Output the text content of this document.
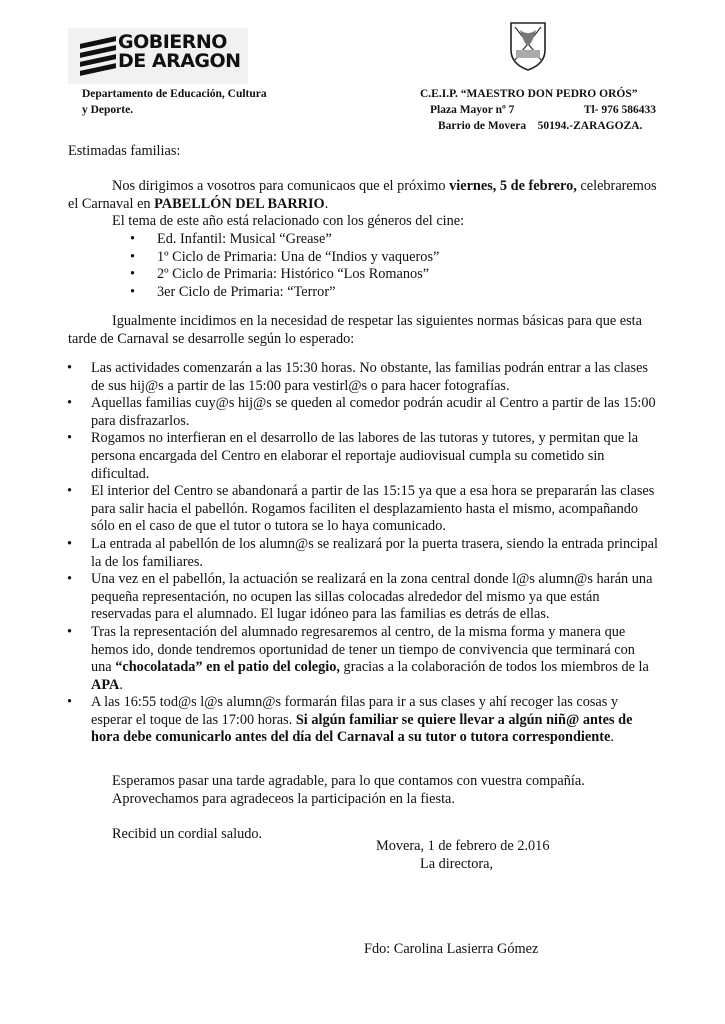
GOBIERNO
DE ARAGON
Departamento de Educación, Cultura
y Deporte.
C.E.I.P. “MAESTRO DON PEDRO ORÓS”
Plaza Mayor nº 7	Tl- 976 586433
Barrio de Movera    50194.-ZARAGOZA.
Estimadas familias:

Nos dirigimos a vosotros para comunicaos que el próximo viernes, 5 de febrero, celebraremos el Carnaval en PABELLÓN DEL BARRIO.

El tema de este año está relacionado con los géneros del cine:

• Ed. Infantil: Musical “Grease”
• 1º Ciclo de Primaria: Una de “Indios y vaqueros”
• 2º Ciclo de Primaria: Histórico “Los Romanos”
• 3er Ciclo de Primaria: “Terror”

Igualmente incidimos en la necesidad de respetar las siguientes normas básicas para que esta tarde de Carnaval se desarrolle según lo esperado:

• Las actividades comenzarán a las 15:30 horas. No obstante, las familias podrán entrar a las clases de sus hij@s a partir de las 15:00 para vestirl@s o para hacer fotografías.
• Aquellas familias cuy@s hij@s se queden al comedor podrán acudir al Centro a partir de las 15:00 para disfrazarlos.
• Rogamos no interfieran en el desarrollo de las labores de las tutoras y tutores, y permitan que la persona encargada del Centro en elaborar el reportaje audiovisual cumpla su cometido sin dificultad.
• El interior del Centro se abandonará a partir de las 15:15 ya que a esa hora se prepararán las clases para salir hacia el pabellón. Rogamos faciliten el desplazamiento hasta el mismo, acompañando sólo en el caso de que el tutor o tutora se lo haya comunicado.
• La entrada al pabellón de los alumn@s se realizará por la puerta trasera, siendo la entrada principal la de los familiares.
• Una vez en el pabellón, la actuación se realizará en la zona central donde l@s alumn@s harán una pequeña representación, no ocupen las sillas colocadas alrededor del mismo ya que están reservadas para el alumnado. El lugar idóneo para las familias es detrás de ellas.
• Tras la representación del alumnado regresaremos al centro, de la misma forma y manera que hemos ido, donde tendremos oportunidad de tener un tiempo de convivencia que terminará con una “chocolatada” en el patio del colegio, gracias a la colaboración de todos los miembros de la APA.
• A las 16:55 tod@s l@s alumn@s formarán filas para ir a sus clases y ahí recoger las cosas y esperar el toque de las 17:00 horas. Si algún familiar se quiere llevar a algún niñ@ antes de hora debe comunicarlo antes del día del Carnaval a su tutor o tutora correspondiente.

Esperamos pasar una tarde agradable, para lo que contamos con vuestra compañía.

Aprovechamos para agradeceos la participación en la fiesta.

Recibid un cordial saludo.

Movera, 1 de febrero de 2.016
La directora,
Fdo: Carolina Lasierra Gómez
